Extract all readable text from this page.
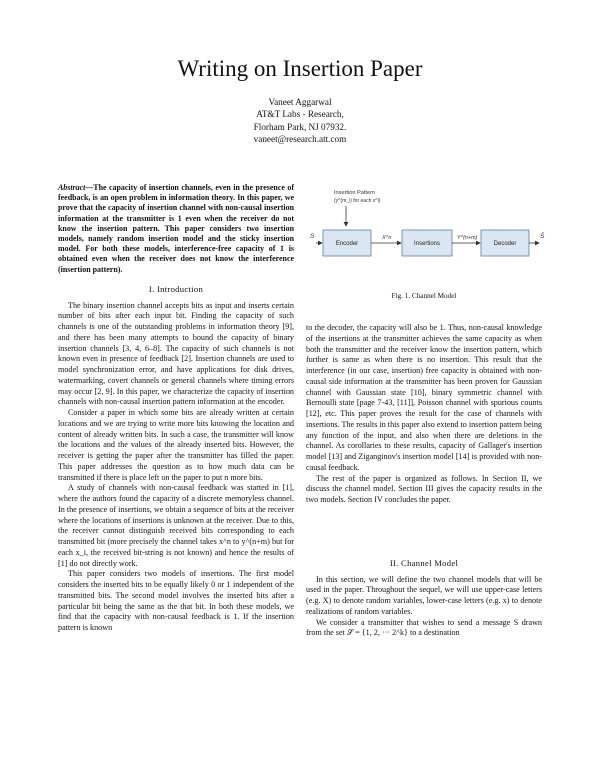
Writing on Insertion Paper
Vaneet Aggarwal
AT&T Labs - Research,
Florham Park, NJ 07932.
vaneet@research.att.com
Abstract—The capacity of insertion channels, even in the presence of feedback, is an open problem in information theory. In this paper, we prove that the capacity of insertion channel with non-causal insertion information at the transmitter is 1 even when the receiver do not know the insertion pattern. This paper considers two insertion models, namely random insertion model and the sticky insertion model. For both these models, interference-free capacity of 1 is obtained even when the receiver does not know the interference (insertion pattern).
I. Introduction

The binary insertion channel accepts bits as input and inserts certain number of bits after each input bit. Finding the capacity of such channels is one of the outstanding problems in information theory [9], and there has been many attempts to bound the capacity of binary insertion channels [3, 4, 6–8]. The capacity of such channels is not known even in presence of feedback [2]. Insertion channels are used to model synchronization error, and have applications for disk drives, watermarking, covert channels or general channels where timing errors may occur [2, 9]. In this paper, we characterize the capacity of insertion channels with non-causal insertion pattern information at the encoder.

Consider a paper in which some bits are already written at certain locations and we are trying to write more bits knowing the location and content of already written bits. In such a case, the transmitter will know the locations and the values of the already inserted bits. However, the receiver is getting the paper after the transmitter has filled the paper. This paper addresses the question as to how much data can be transmitted if there is place left on the paper to put n more bits.

A study of channels with non-causal feedback was started in [1], where the authors found the capacity of a discrete memoryless channel. In the presence of insertions, we obtain a sequence of bits at the receiver where the locations of insertions is unknown at the receiver. Due to this, the receiver cannot distinguish received bits corresponding to each transmitted bit (more precisely the channel takes x^n to y^(n+m) but for each x_i, the received bit-string is not known) and hence the results of [1] do not directly work.

This paper considers two models of insertions. The first model considers the inserted bits to be equally likely 0 or 1 independent of the transmitted bits. The second model involves the inserted bits after a particular bit being the same as the that bit. In both these models, we find that the capacity with non-causal feedback is 1. If the insertion pattern is known

Insertion Pattern
(y^(m_i) for each x^i)
S
Encoder
X^n
Insertions
Y^(n+m)
Decoder
Ŝ
Fig. 1. Channel Model

to the decoder, the capacity will also be 1. Thus, non-causal knowledge of the insertions at the transmitter achieves the same capacity as when both the transmitter and the receiver know the insertion pattern, which further is same as when there is no insertion. This result that the interference (in our case, insertion) free capacity is obtained with non-causal side information at the transmitter has been proven for Gaussian channel with Gaussian state [10], binary symmetric channel with Bernoulli state [page 7-43, [11]], Poisson channel with spurious counts [12], etc. This paper proves the result for the case of channels with insertions. The results in this paper also extend to insertion pattern being any function of the input, and also when there are deletions in the channel. As corollaries to these results, capacity of Gallager's insertion model [13] and Ziganginov's insertion model [14] is provided with non-causal feedback.

The rest of the paper is organized as follows. In Section II, we discuss the channel model. Section III gives the capacity results in the two models. Section IV concludes the paper.

II. Channel Model

In this section, we will define the two channel models that will be used in the paper. Throughout the sequel, we will use upper-case letters (e.g. X) to denote random variables, lower-case letters (e.g. x) to denote realizations of random variables.

We consider a transmitter that wishes to send a message S drawn from the set 𝒮 = {1, 2, ··· 2^k} to a destination
